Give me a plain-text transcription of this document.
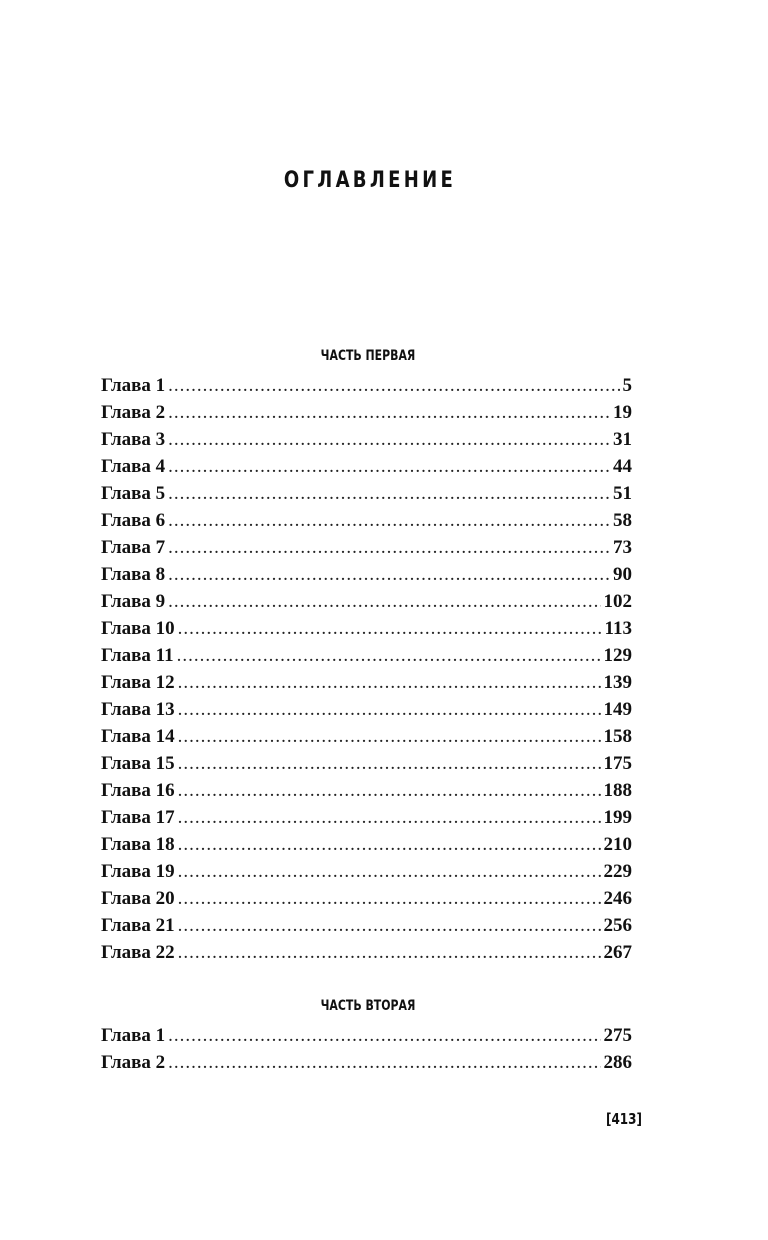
ОГЛАВЛЕНИЕ
ЧАСТЬ ПЕРВАЯ
Глава 1 .....	5
Глава 2 .....	19
Глава 3 .....	31
Глава 4 .....	44
Глава 5 .....	51
Глава 6 .....	58
Глава 7 .....	73
Глава 8 .....	90
Глава 9 .....	102
Глава 10 .....	113
Глава 11 .....	129
Глава 12 .....	139
Глава 13 .....	149
Глава 14 .....	158
Глава 15 .....	175
Глава 16 .....	188
Глава 17 .....	199
Глава 18 .....	210
Глава 19 .....	229
Глава 20 .....	246
Глава 21 .....	256
Глава 22 .....	267
ЧАСТЬ ВТОРАЯ
Глава 1 .....	275
Глава 2 .....	286
[413]
